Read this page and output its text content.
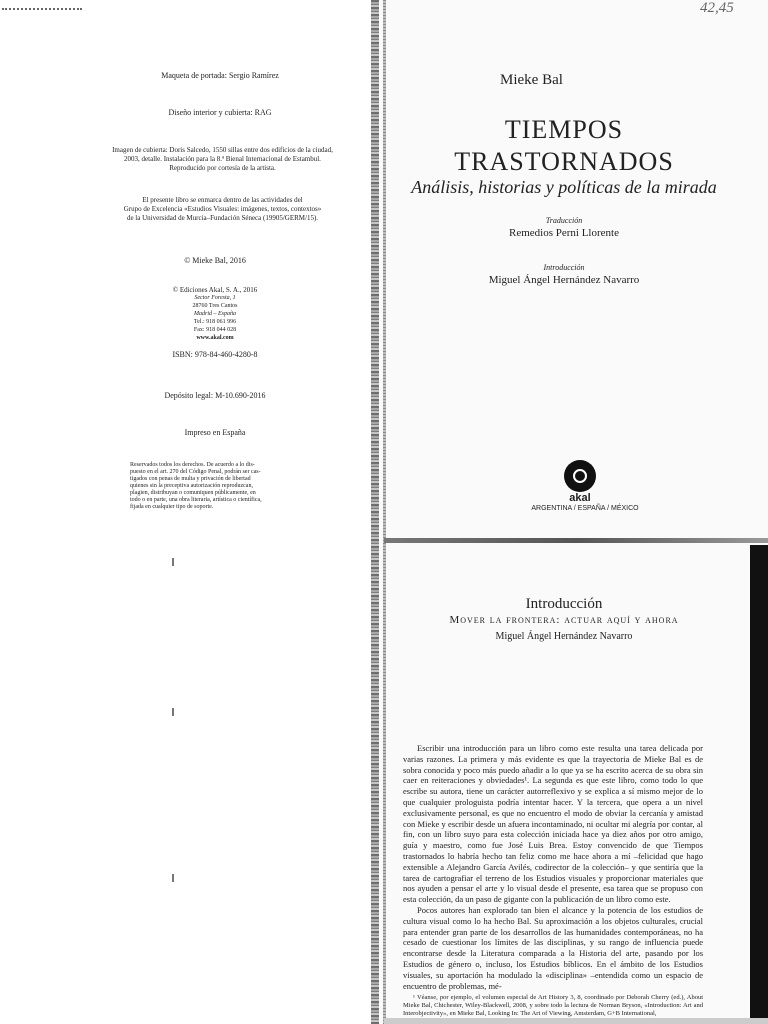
Maqueta de portada: Sergio Ramírez
Diseño interior y cubierta: RAG
Imagen de cubierta: Doris Salcedo, 1550 sillas entre dos edificios de la ciudad,
2003, detalle. Instalación para la 8.ª Bienal Internacional de Estambul.
Reproducido por cortesía de la artista.
El presente libro se enmarca dentro de las actividades del
Grupo de Excelencia «Estudios Visuales: imágenes, textos, contextos»
de la Universidad de Murcia–Fundación Séneca (19905/GERM/15).
© Mieke Bal, 2016
© Ediciones Akal, S. A., 2016
Sector Foresta, 1
28760 Tres Cantos
Madrid – España
Tel.: 918 061 996
Fax: 918 044 028
www.akal.com
ISBN: 978-84-460-4280-8
Depósito legal: M-10.690-2016
Impreso en España
Reservados todos los derechos. De acuerdo a lo dis-
puesto en el art. 270 del Código Penal, podrán ser cas-
tigados con penas de multa y privación de libertad
quienes sin la preceptiva autorización reproduzcan,
plagien, distribuyan o comuniquen públicamente, en
todo o en parte, una obra literaria, artística o científica,
fijada en cualquier tipo de soporte.
42,45
Mieke Bal
TIEMPOS
TRASTORNADOS
Análisis, historias y políticas de la mirada
Traducción
Remedios Perni Llorente
Introducción
Miguel Ángel Hernández Navarro
akal
ARGENTINA / ESPAÑA / MÉXICO
Introducción
Mover la frontera: actuar aquí y ahora
Miguel Ángel Hernández Navarro

Escribir una introducción para un libro como este resulta una tarea delicada por varias razones. La primera y más evidente es que la trayectoria de Mieke Bal es de sobra conocida y poco más puedo añadir a lo que ya se ha escrito acerca de su obra sin caer en reiteraciones y obviedades¹. La segunda es que este libro, como todo lo que escribe su autora, tiene un carácter autorreflexivo y se explica a sí mismo mejor de lo que cualquier prologuista podría intentar hacer. Y la tercera, que opera a un nivel exclusivamente personal, es que no encuentro el modo de obviar la cercanía y amistad con Mieke y escribir desde un afuera incontaminado, ni ocultar mi alegría por contar, al fin, con un libro suyo para esta colección iniciada hace ya diez años por otro amigo, guía y maestro, como fue José Luis Brea. Estoy convencido de que Tiempos trastornados lo habría hecho tan feliz como me hace ahora a mí –felicidad que hago extensible a Alejandro García Avilés, codirector de la colección– y que sentiría que la tarea de cartografiar el terreno de los Estudios visuales y proporcionar materiales que nos ayuden a pensar el arte y lo visual desde el presente, esa tarea que se propuso con esta colección, da un paso de gigante con la publicación de un libro como este.

Pocos autores han explorado tan bien el alcance y la potencia de los estudios de cultura visual como lo ha hecho Bal. Su aproximación a los objetos culturales, crucial para entender gran parte de los desarrollos de las humanidades contemporáneas, no ha cesado de cuestionar los límites de las disciplinas, y su rango de influencia puede encontrarse desde la Literatura comparada a la Historia del arte, pasando por los Estudios de género o, incluso, los Estudios bíblicos. En el ámbito de los Estudios visuales, su aportación ha modulado la «disciplina» –entendida como un espacio de encuentro de problemas, mé-

¹ Véanse, por ejemplo, el volumen especial de Art History 3, 8, coordinado por Deborah Cherry (ed.), About Mieke Bal, Chichester, Wiley-Blackwell, 2008, y sobre todo la lectura de Norman Bryson, «Introduction: Art and Interobjectivity», en Mieke Bal, Looking In: The Art of Viewing, Amsterdam, G+B International,
